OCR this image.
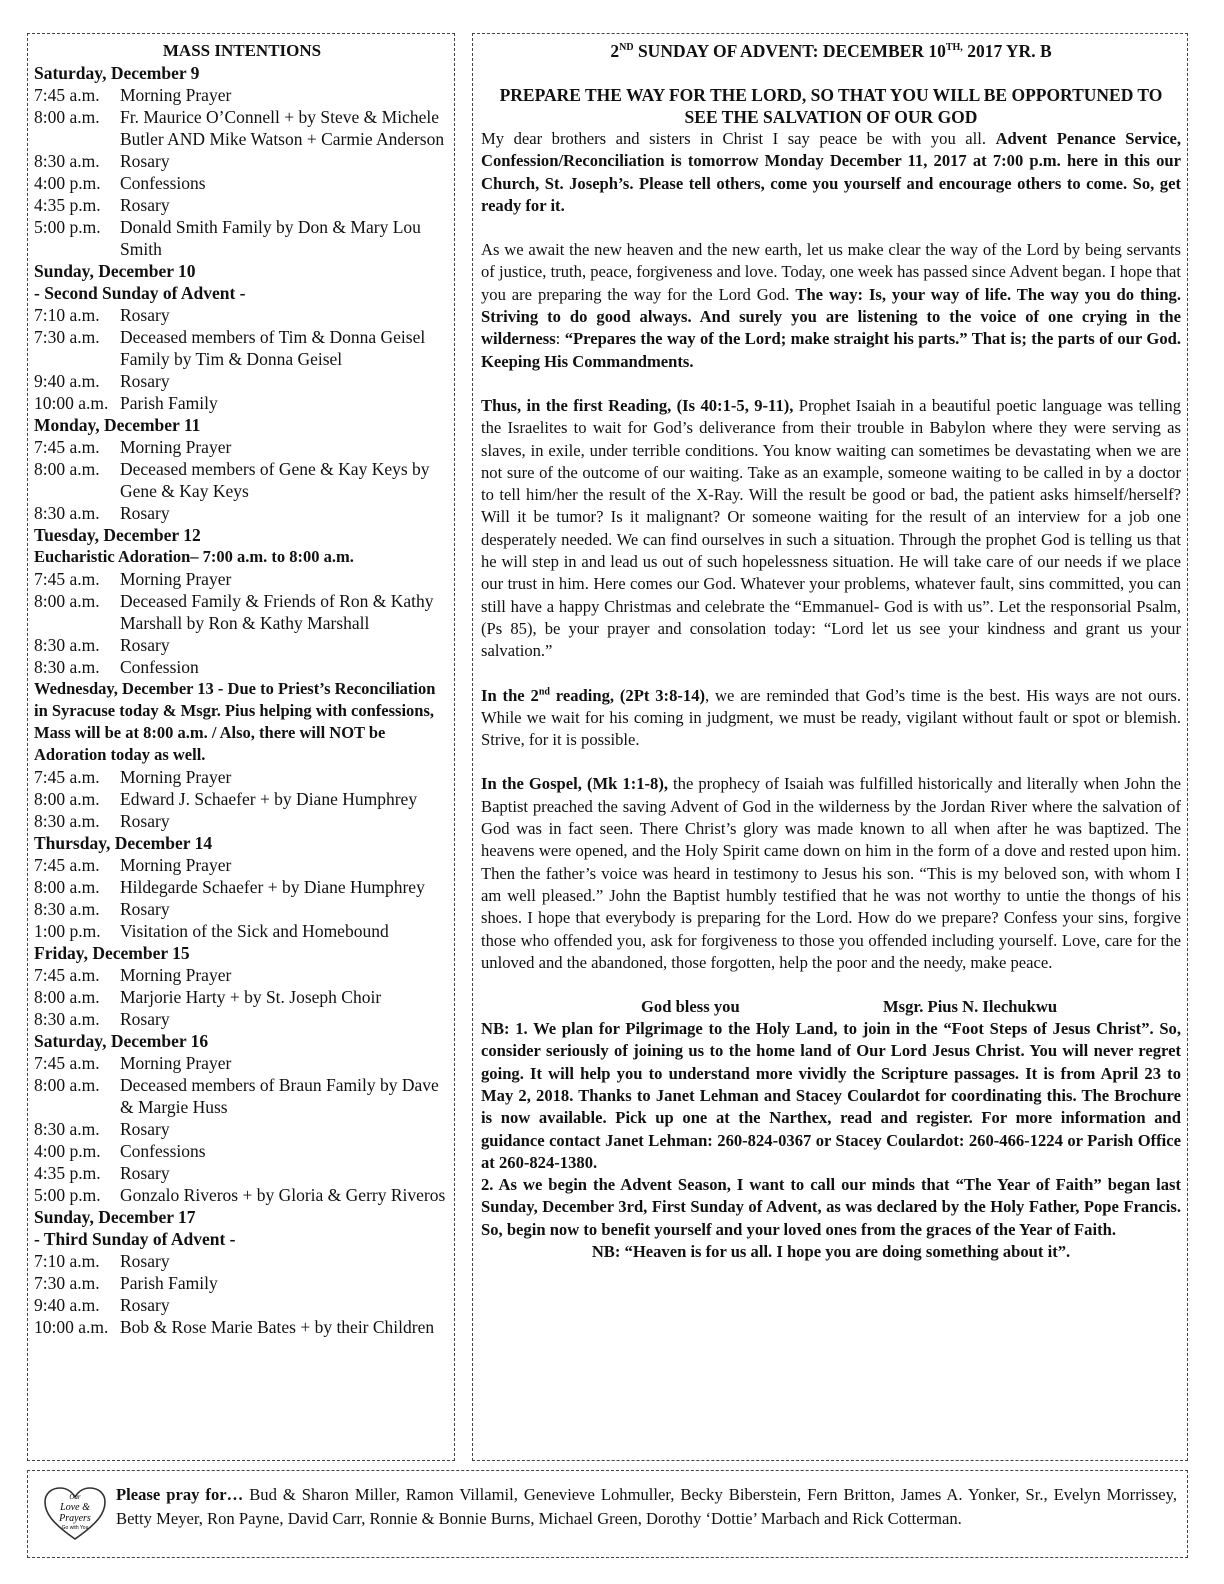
MASS INTENTIONS
Saturday, December 9
7:45 a.m.	Morning Prayer
8:00 a.m.	Fr. Maurice O’Connell + by Steve & Michele Butler AND Mike Watson + Carmie Anderson
8:30 a.m.	Rosary
4:00 p.m.	Confessions
4:35 p.m.	Rosary
5:00 p.m.	Donald Smith Family by Don & Mary Lou Smith
Sunday, December 10
- Second Sunday of Advent -
7:10 a.m.	Rosary
7:30 a.m.	Deceased members of Tim & Donna Geisel Family by Tim & Donna Geisel
9:40 a.m.	Rosary
10:00 a.m. Parish Family
Monday, December 11
7:45 a.m.	Morning Prayer
8:00 a.m.	Deceased members of Gene & Kay Keys by Gene & Kay Keys
8:30 a.m.	Rosary
Tuesday, December 12
Eucharistic Adoration– 7:00 a.m. to 8:00 a.m.
7:45 a.m.	Morning Prayer
8:00 a.m.	Deceased Family & Friends of Ron & Kathy Marshall by Ron & Kathy Marshall
8:30 a.m.	Rosary
8:30 a.m.	Confession
Wednesday, December 13 - Due to Priest’s Reconciliation in Syracuse today & Msgr. Pius helping with confessions, Mass will be at 8:00 a.m. / Also, there will NOT be Adoration today as well.
7:45 a.m.	Morning Prayer
8:00 a.m.	Edward J. Schaefer + by Diane Humphrey
8:30 a.m.	Rosary
Thursday, December 14
7:45 a.m.	Morning Prayer
8:00 a.m.	Hildegarde Schaefer + by Diane Humphrey
8:30 a.m.	Rosary
1:00 p.m.	Visitation of the Sick and Homebound
Friday, December 15
7:45 a.m.	Morning Prayer
8:00 a.m.	Marjorie Harty + by St. Joseph Choir
8:30 a.m.	Rosary
Saturday, December 16
7:45 a.m.	Morning Prayer
8:00 a.m.	Deceased members of Braun Family by Dave & Margie Huss
8:30 a.m.	Rosary
4:00 p.m.	Confessions
4:35 p.m.	Rosary
5:00 p.m.	Gonzalo Riveros + by Gloria & Gerry Riveros
Sunday, December 17
- Third Sunday of Advent -
7:10 a.m.	Rosary
7:30 a.m.	Parish Family
9:40 a.m.	Rosary
10:00 a.m. Bob & Rose Marie Bates + by their Children
2ND SUNDAY OF ADVENT: DECEMBER $10^{TH,}$ 2017 YR. B
PREPARE THE WAY FOR THE LORD, SO THAT YOU WILL BE OPPORTUNED TO SEE THE SALVATION OF OUR GOD

My dear brothers and sisters in Christ I say peace be with you all. Advent Penance Service, Confession/Reconciliation is tomorrow Monday December 11, 2017 at 7:00 p.m. here in this our Church, St. Joseph’s. Please tell others, come you yourself and encourage others to come. So, get ready for it.

As we await the new heaven and the new earth, let us make clear the way of the Lord by being servants of justice, truth, peace, forgiveness and love. Today, one week has passed since Advent began. I hope that you are preparing the way for the Lord God. The way: Is, your way of life. The way you do thing. Striving to do good always. And surely you are listening to the voice of one crying in the wilderness: “Prepares the way of the Lord; make straight his parts.” That is; the parts of our God. Keeping His Commandments.

Thus, in the first Reading, (Is 40:1-5, 9-11), Prophet Isaiah in a beautiful poetic language was telling the Israelites to wait for God’s deliverance from their trouble in Babylon where they were serving as slaves, in exile, under terrible conditions. You know waiting can sometimes be devastating when we are not sure of the outcome of our waiting. Take as an example, someone waiting to be called in by a doctor to tell him/her the result of the X-Ray. Will the result be good or bad, the patient asks himself/herself? Will it be tumor? Is it malignant? Or someone waiting for the result of an interview for a job one desperately needed. We can find ourselves in such a situation. Through the prophet God is telling us that he will step in and lead us out of such hopelessness situation. He will take care of our needs if we place our trust in him. Here comes our God. Whatever your problems, whatever fault, sins committed, you can still have a happy Christmas and celebrate the “Emmanuel- God is with us”. Let the responsorial Psalm, (Ps 85), be your prayer and consolation today: “Lord let us see your kindness and grant us your salvation.”

In the 2nd reading, (2Pt 3:8-14), we are reminded that God’s time is the best. His ways are not ours. While we wait for his coming in judgment, we must be ready, vigilant without fault or spot or blemish. Strive, for it is possible.

In the Gospel, (Mk 1:1-8), the prophecy of Isaiah was fulfilled historically and literally when John the Baptist preached the saving Advent of God in the wilderness by the Jordan River where the salvation of God was in fact seen. There Christ’s glory was made known to all when after he was baptized. The heavens were opened, and the Holy Spirit came down on him in the form of a dove and rested upon him. Then the father’s voice was heard in testimony to Jesus his son. “This is my beloved son, with whom I am well pleased.” John the Baptist humbly testified that he was not worthy to untie the thongs of his shoes. I hope that everybody is preparing for the Lord. How do we prepare? Confess your sins, forgive those who offended you, ask for forgiveness to those you offended including yourself. Love, care for the unloved and the abandoned, those forgotten, help the poor and the needy, make peace.

God bless you	Msgr. Pius N. Ilechukwu

NB: 1. We plan for Pilgrimage to the Holy Land, to join in the “Foot Steps of Jesus Christ”. So, consider seriously of joining us to the home land of Our Lord Jesus Christ. You will never regret going. It will help you to understand more vividly the Scripture passages. It is from April 23 to May 2, 2018. Thanks to Janet Lehman and Stacey Coulardot for coordinating this. The Brochure is now available. Pick up one at the Narthex, read and register. For more information and guidance contact Janet Lehman: 260-824-0367 or Stacey Coulardot: 260-466-1224 or Parish Office at 260-824-1380.

2. As we begin the Advent Season, I want to call our minds that “The Year of Faith” began last Sunday, December 3rd, First Sunday of Advent, as was declared by the Holy Father, Pope Francis. So, begin now to benefit yourself and your loved ones from the graces of the Year of Faith.

NB: “Heaven is for us all. I hope you are doing something about it”.
Our
Love &
Prayers
Go with You
Please pray for… Bud & Sharon Miller, Ramon Villamil, Genevieve Lohmuller, Becky Biberstein, Fern Britton, James A. Yonker, Sr., Evelyn Morrissey, Betty Meyer, Ron Payne, David Carr, Ronnie & Bonnie Burns, Michael Green, Dorothy ‘Dottie’ Marbach and Rick Cotterman.
